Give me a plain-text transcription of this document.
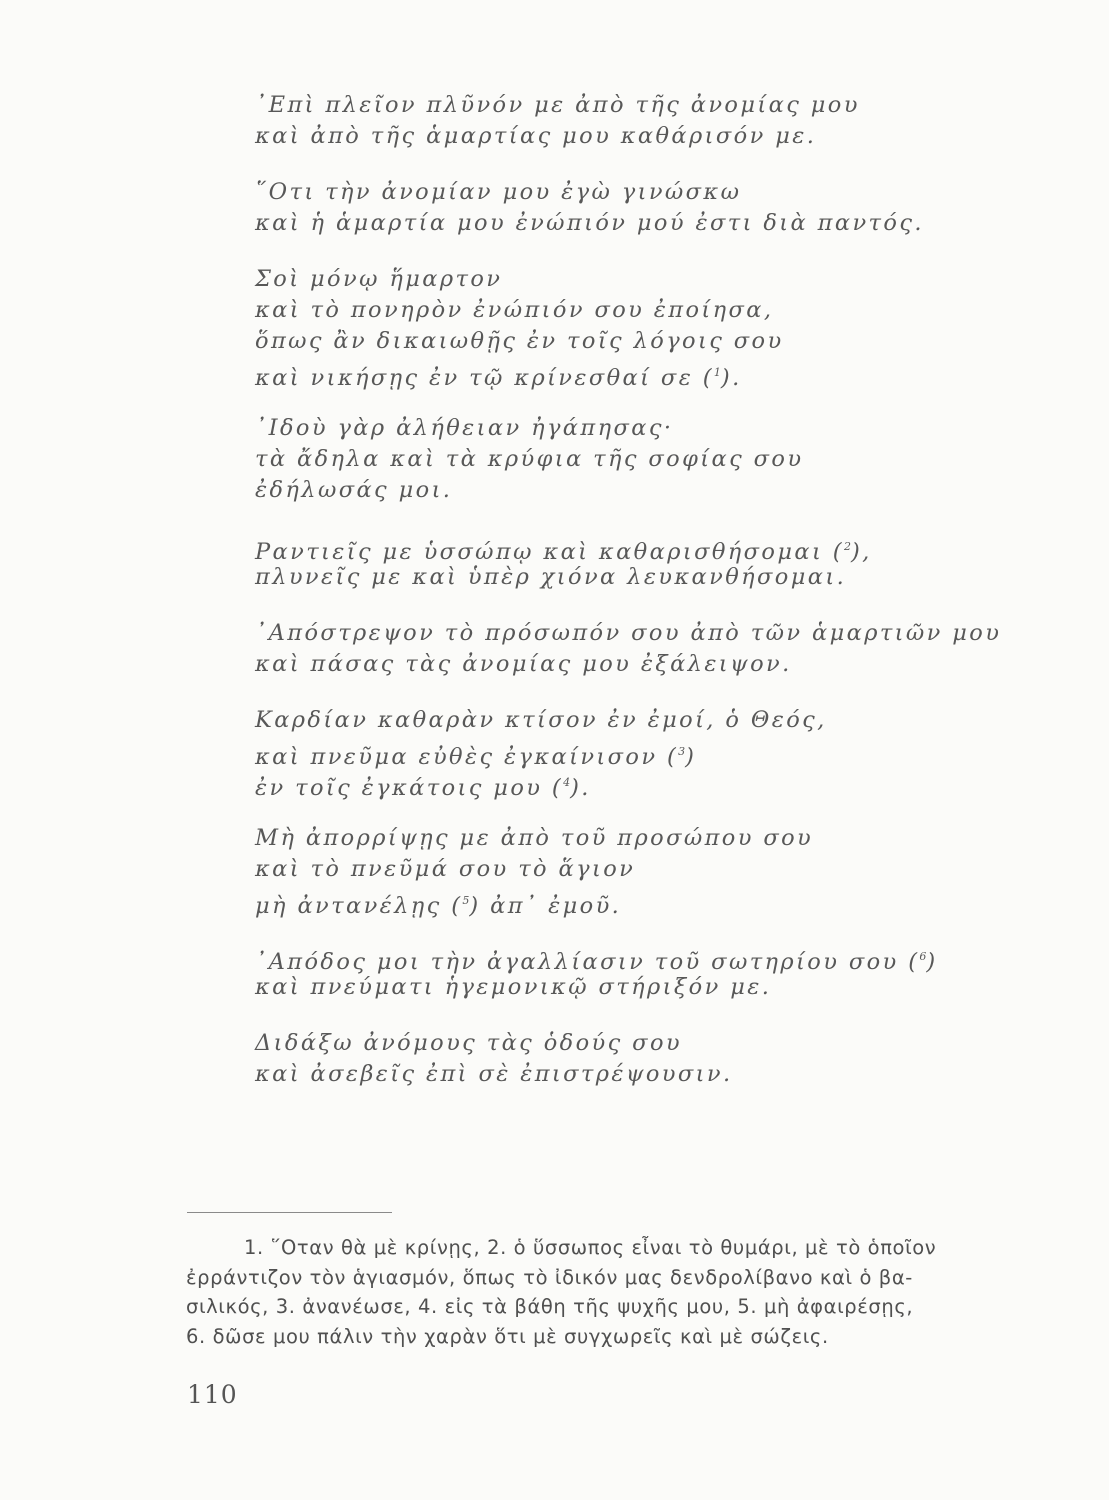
᾿Επὶ πλεῖον πλῦνόν με ἀπὸ τῆς ἀνομίας μου
καὶ ἀπὸ τῆς ἁμαρτίας μου καθάρισόν με.
῞Οτι τὴν ἀνομίαν μου ἐγὼ γινώσκω
καὶ ἡ ἁμαρτία μου ἐνώπιόν μού ἐστι διὰ παντός.
Σοὶ μόνῳ ἥμαρτον
καὶ τὸ πονηρὸν ἐνώπιόν σου ἐποίησα,
ὅπως ἂν δικαιωθῇς ἐν τοῖς λόγοις σου
καὶ νικήσῃς ἐν τῷ κρίνεσθαί σε ($^1$).
᾿Ιδοὺ γὰρ ἀλήθειαν ἠγάπησας·
τὰ ἄδηλα καὶ τὰ κρύφια τῆς σοφίας σου
ἐδήλωσάς μοι.
Ραντιεῖς με ὑσσώπῳ καὶ καθαρισθήσομαι ($^2$),
πλυνεῖς με καὶ ὑπὲρ χιόνα λευκανθήσομαι.
᾿Απόστρεψον τὸ πρόσωπόν σου ἀπὸ τῶν ἁμαρτιῶν μου
καὶ πάσας τὰς ἀνομίας μου ἐξάλειψον.
Καρδίαν καθαρὰν κτίσον ἐν ἐμοί, ὁ Θεός,
καὶ πνεῦμα εὐθὲς ἐγκαίνισον ($^3$)
ἐν τοῖς ἐγκάτοις μου ($^4$).
Μὴ ἀπορρίψῃς με ἀπὸ τοῦ προσώπου σου
καὶ τὸ πνεῦμά σου τὸ ἅγιον
μὴ ἀντανέλῃς ($^5$) ἀπ᾿ ἐμοῦ.
᾿Απόδος μοι τὴν ἀγαλλίασιν τοῦ σωτηρίου σου ($^6$)
καὶ πνεύματι ἡγεμονικῷ στήριξόν με.
Διδάξω ἀνόμους τὰς ὁδούς σου
καὶ ἀσεβεῖς ἐπὶ σὲ ἐπιστρέψουσιν.
1. ῞Οταν θὰ μὲ κρίνῃς, 2. ὁ ὕσσωπος εἶναι τὸ θυμάρι, μὲ τὸ ὁποῖον
ἐρράντιζον τὸν ἁγιασμόν, ὅπως τὸ ἰδικόν μας δενδρολίβανο καὶ ὁ βα-
σιλικός, 3. ἀνανέωσε, 4. εἰς τὰ βάθη τῆς ψυχῆς μου, 5. μὴ ἀφαιρέσῃς,
6. δῶσε μου πάλιν τὴν χαρὰν ὅτι μὲ συγχωρεῖς καὶ μὲ σώζεις.
110
